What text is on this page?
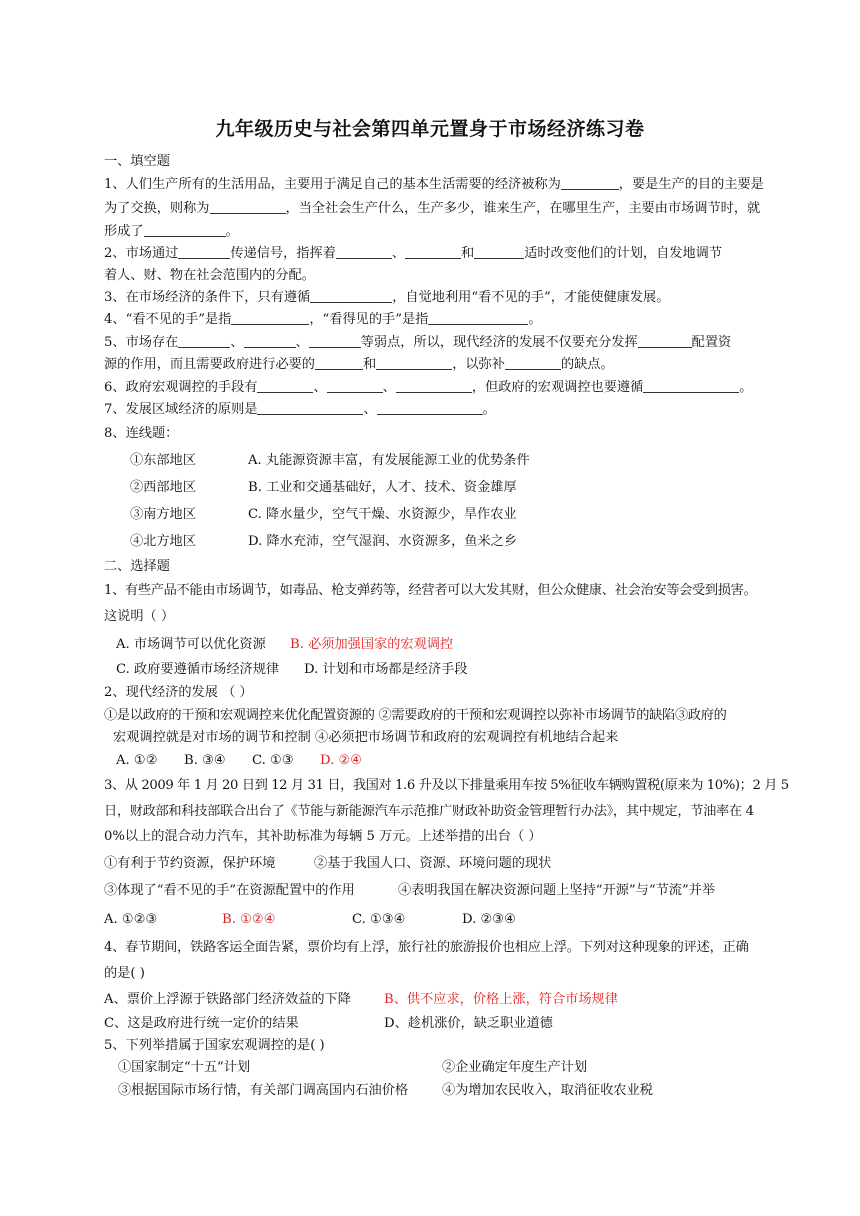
九年级历史与社会第四单元置身于市场经济练习卷
一、填空题
1、人们生产所有的生活用品，主要用于满足自己的基本生活需要的经济被称为	，要是生产的目的主要是
为了交换，则称为	，当全社会生产什么，生产多少，谁来生产，在哪里生产，主要由市场调节时，就
形成了	。
2、市场通过	传递信号，指挥着	、	和	适时改变他们的计划，自发地调节
着人、财、物在社会范围内的分配。
3、在市场经济的条件下，只有遵循	，自觉地利用“看不见的手”，才能使健康发展。
4、“看不见的手”是指	，“看得见的手”是指	。
5、市场存在	、	、	等弱点，所以，现代经济的发展不仅要充分发挥	配置资
源的作用，而且需要政府进行必要的	和	，以弥补	的缺点。
6、政府宏观调控的手段有	、	、	，但政府的宏观调控也要遵循	。
7、发展区域经济的原则是	、	。
8、连线题：
①东部地区	A. 丸能源资源丰富，有发展能源工业的优势条件
②西部地区	B. 工业和交通基础好，人才、技术、资金雄厚
③南方地区	C. 降水量少，空气干燥、水资源少，旱作农业
④北方地区	D. 降水充沛，空气湿润、水资源多，鱼米之乡
二、选择题
1、有些产品不能由市场调节，如毒品、枪支弹药等，经营者可以大发其财，但公众健康、社会治安等会受到损害。
这说明（ ）
A. 市场调节可以优化资源 B. 必须加强国家的宏观调控
C. 政府要遵循市场经济规律 D. 计划和市场都是经济手段
2、现代经济的发展 （ ）
①是以政府的干预和宏观调控来优化配置资源的 ②需要政府的干预和宏观调控以弥补市场调节的缺陷③政府的
宏观调控就是对市场的调节和控制 ④必须把市场调节和政府的宏观调控有机地结合起来
A. ①② B. ③④ C. ①③ D. ②④
3、从 2009 年 1 月 20 日到 12 月 31 日，我国对 1.6 升及以下排量乘用车按 5%征收车辆购置税(原来为 10%)；2 月 5
日，财政部和科技部联合出台了《节能与新能源汽车示范推广财政补助资金管理暂行办法》，其中规定，节油率在 4
0%以上的混合动力汽车，其补助标准为每辆 5 万元。上述举措的出台（ ）
①有利于节约资源，保护环境	②基于我国人口、资源、环境问题的现状
③体现了“看不见的手”在资源配置中的作用	④表明我国在解决资源问题上坚持“开源”与“节流”并举
A. ①②③	B. ①②④	C. ①③④	D. ②③④
4、春节期间，铁路客运全面告紧，票价均有上浮，旅行社的旅游报价也相应上浮。下列对这种现象的评述，正确
的是( )
A、票价上浮源于铁路部门经济效益的下降	B、供不应求，价格上涨，符合市场规律
C、这是政府进行统一定价的结果	D、趁机涨价，缺乏职业道德
5、下列举措属于国家宏观调控的是( )
①国家制定“十五”计划	②企业确定年度生产计划
③根据国际市场行情，有关部门调高国内石油价格	④为增加农民收入，取消征收农业税
